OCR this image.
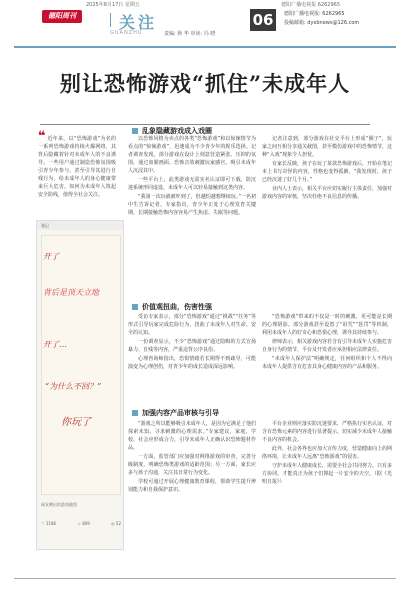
2025年8月17日 星期五	德阳广播电视报 6262965
德阳周刊	关注
GUANZHU	责编: 蒋 华 审读: 冯 晓
06	德阳广播电视报: 6262965
投稿邮箱: dyxbnews@126.com
别让恐怖游戏“抓住”未成年人
❝ 近年来，以“恐怖游戏”为名的一系列恐怖游戏持续火爆网络，其背后隐藏着针对未成年人的不良诱导。一些用户通过制造恐怖氛围吸引青少年参与，甚至引导其进行自残行为，给未成年人的身心健康带来巨大危害。如何为未成年人筑起安全防线，值得全社会关注。
笔记
开了
背后是顶天立地
开了…
“为什么不回？”
你玩了
网友晒出的游戏截图
♡ 1186	☆ 809	◎ 52
乱象隐藏游戏成入戏圈
价值观扭曲，伤害性强
加强内容产品审核与引导

以恐怖风格为卖点的各类“恐怖游戏”和以惊悚情节为看点的“惊悚游戏”，迅速成为不少青少年的娱乐选择。记者调查发现，部分游戏在设计上刻意营造紧张、压抑的氛围，通过血腥画面、恐怖音效刺激玩家感官，吸引未成年人沉浸其中。

一些平台上，此类游戏无需实名认证即可下载，防沉迷系统形同虚设，未成年人可以轻易接触到这类内容。

“我第一次玩就被吓到了，但越怕越想继续玩。”一名初中生告诉记者。专家指出，青少年正处于心理发育关键期，长期接触恐怖内容容易产生焦虑、失眠等问题。

记者注意到，部分游戏在社交平台上形成“圈子”，玩家之间互相分享通关截图，甚至模仿游戏中的恐怖情节，这种“入戏”现象令人担忧。

有家长反映，孩子在玩了某款恐怖游戏后，开始在笔记本上书写奇怪的内容，性格也变得孤僻。“我发现时，孩子已经沉迷了好几个月。”

业内人士表示，相关平台应切实履行主体责任，加强对游戏内容的审核，坚决杜绝不良信息的传播。

受访专家表示，部分“恐怖游戏”通过“挑战”“任务”等形式引导玩家完成危险行为，扭曲了未成年人对生命、安全的认知。

一份调查显示，不少“恐怖游戏”通过隐晦的方式宣扬暴力、自残等内容，严重违背公序良俗。

心理咨询师指出，恐惧情绪若长期得不到疏导，可能演变为心理创伤，对青少年的成长造成深远影响。

“恐怖游戏”带来的不仅是一时的刺激，更可能是长期的心理阴影。部分游戏甚至设置了“诅咒”“惩罚”等机制，利用未成年人的好奇心和恐惧心理，诱导其持续参与。

律师表示，相关游戏内容若含有引导未成年人实施危害自身行为的情节，平台及开发者应承担相应法律责任。

“未成年人保护法”明确规定，任何组织和个人不得向未成年人提供含有危害其身心健康内容的产品和服务。

“游戏之所以能够吸引未成年人，是因为它满足了他们探索未知、寻求刺激的心理需求。”专家建议，家庭、学校、社会应形成合力，引导未成年人正确认识恐怖题材作品。

一方面，监管部门应加强对网络游戏的审查，完善分级制度，明确恐怖类游戏的适龄范围；另一方面，家长应多与孩子沟通，关注其日常行为变化。

学校可通过开展心理健康教育课程，帮助学生提升辨别能力和自我保护意识。

平台企业则应落实防沉迷要求，严格执行实名认证，对含有恐怖元素的内容进行显著提示，切实减少未成年人接触不良内容的机会。

此外，社会各界也应加大宣传力度，营造健康向上的网络环境，让未成年人远离“恐怖游戏”的侵害。

守护未成年人健康成长，需要全社会共同努力。只有多方协同，才能真正为孩子们撑起一片安全的天空。（据《光明日报》）
